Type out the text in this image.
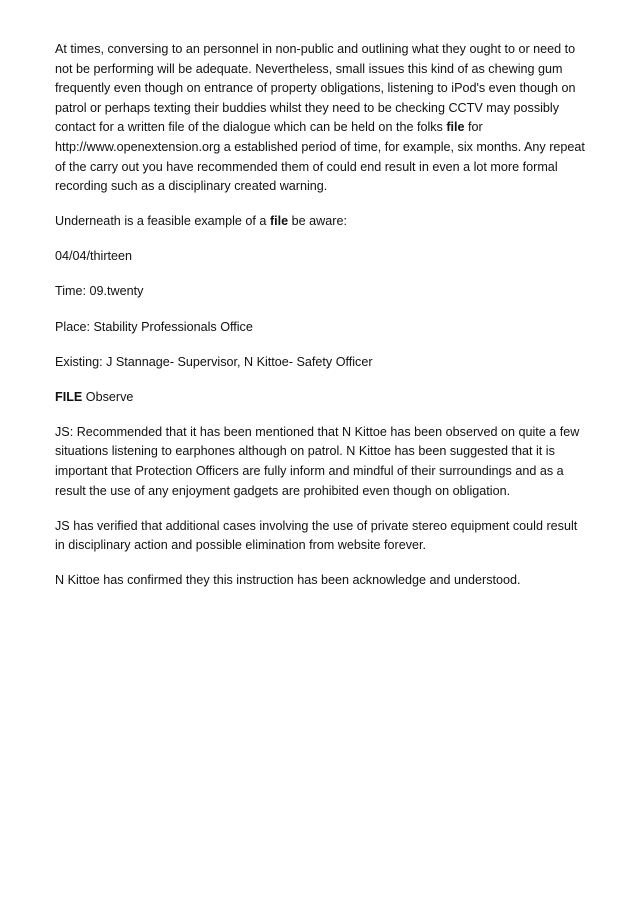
At times, conversing to an personnel in non-public and outlining what they ought to or need to not be performing will be adequate. Nevertheless, small issues this kind of as chewing gum frequently even though on entrance of property obligations, listening to iPod's even though on patrol or perhaps texting their buddies whilst they need to be checking CCTV may possibly contact for a written file of the dialogue which can be held on the folks file for http://www.openextension.org a established period of time, for example, six months. Any repeat of the carry out you have recommended them of could end result in even a lot more formal recording such as a disciplinary created warning.

Underneath is a feasible example of a file be aware:

04/04/thirteen

Time: 09.twenty

Place: Stability Professionals Office

Existing: J Stannage- Supervisor, N Kittoe- Safety Officer

FILE Observe

JS: Recommended that it has been mentioned that N Kittoe has been observed on quite a few situations listening to earphones although on patrol. N Kittoe has been suggested that it is important that Protection Officers are fully inform and mindful of their surroundings and as a result the use of any enjoyment gadgets are prohibited even though on obligation.

JS has verified that additional cases involving the use of private stereo equipment could result in disciplinary action and possible elimination from website forever.

N Kittoe has confirmed they this instruction has been acknowledge and understood.
